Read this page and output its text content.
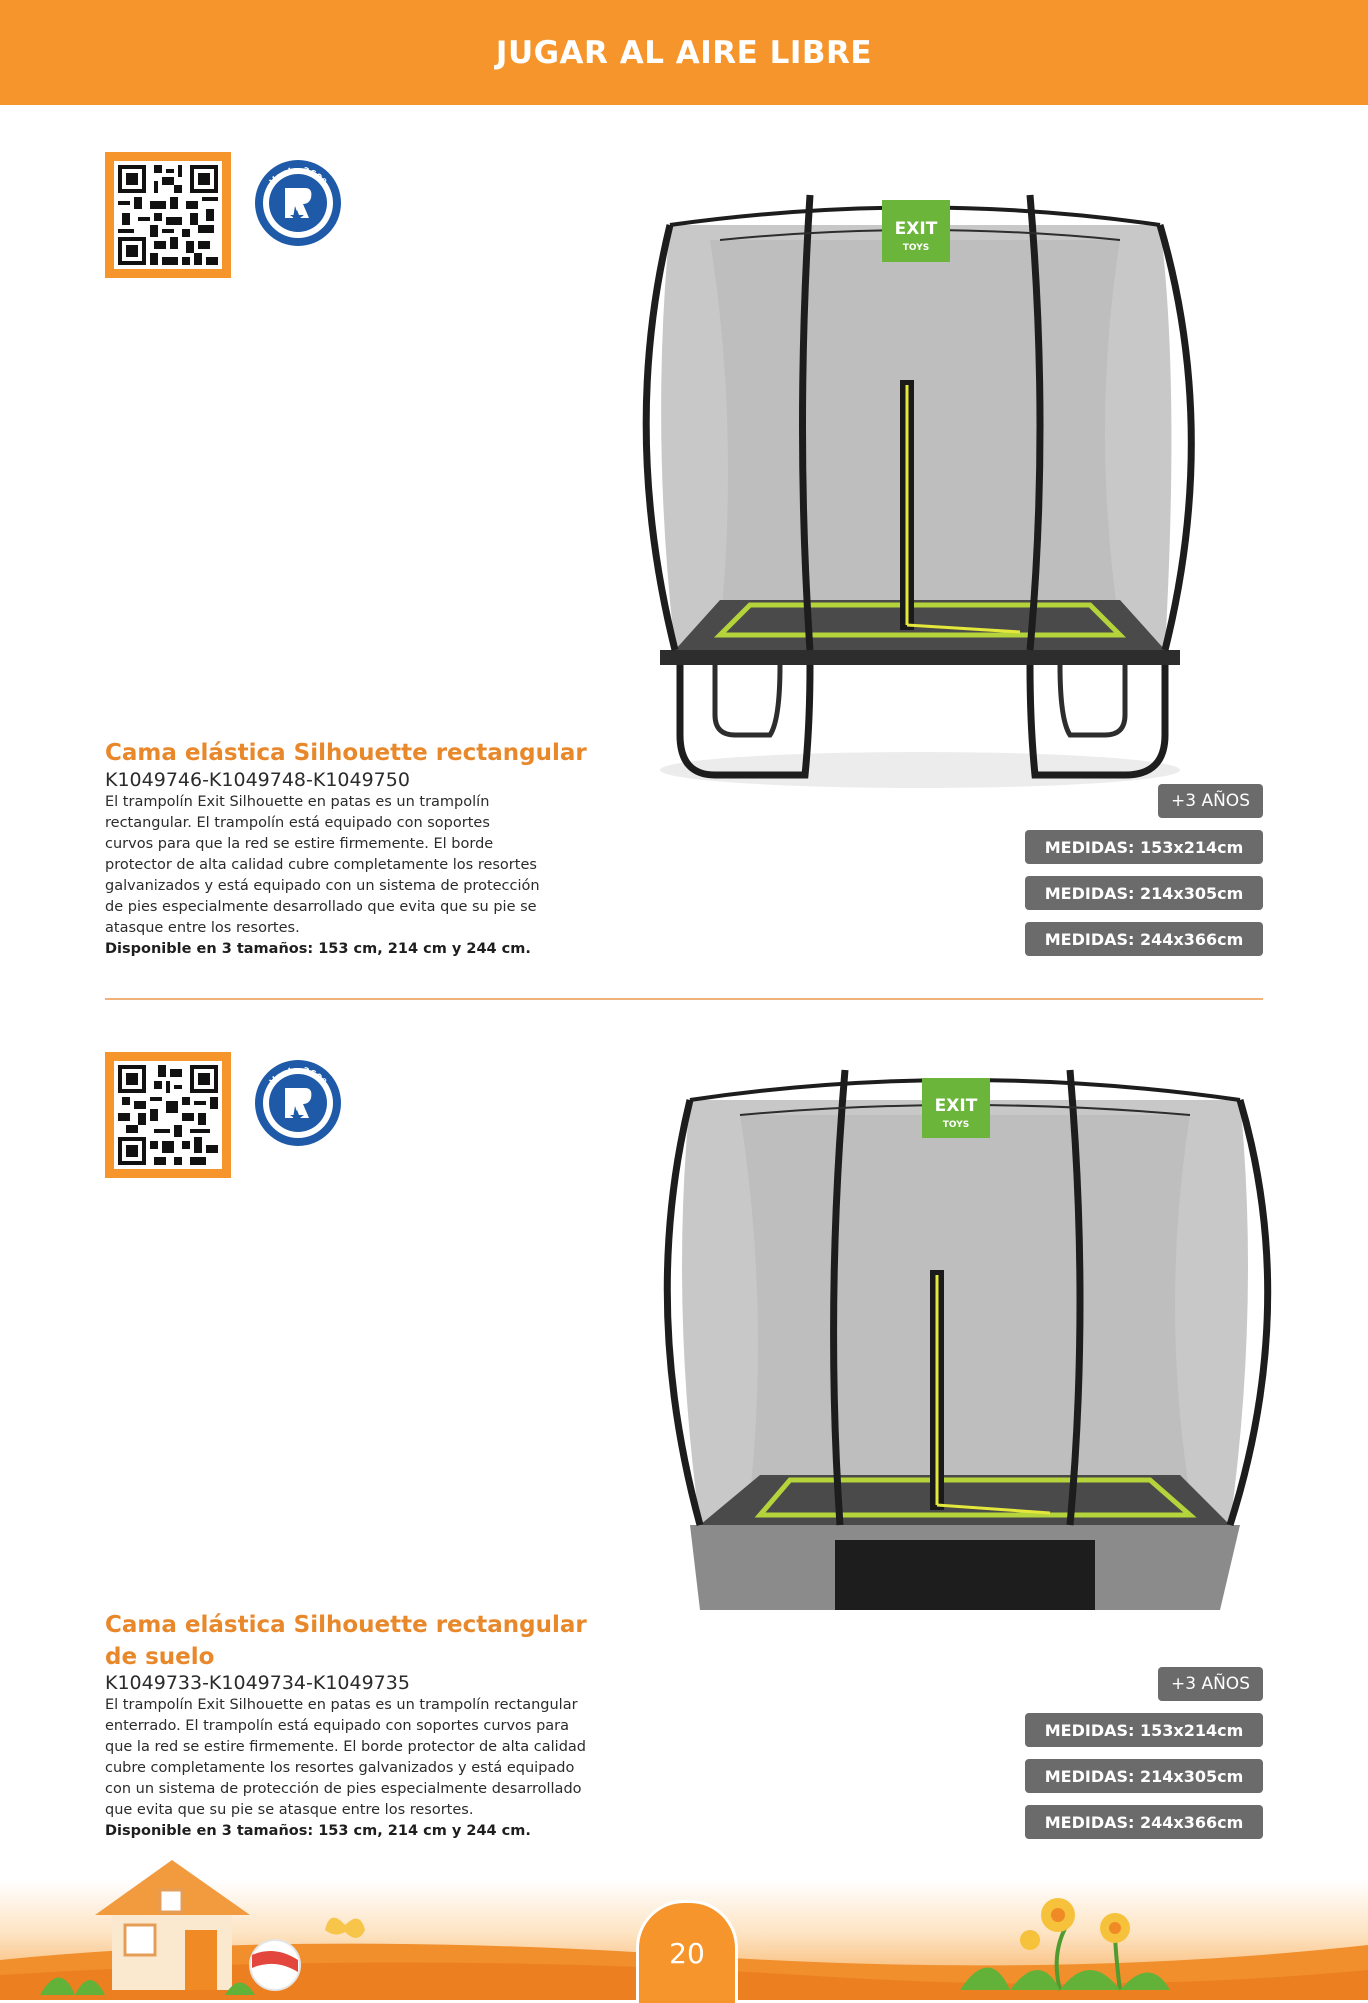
JUGAR AL AIRE LIBRE
Venta 360º
EXIT
TOYS
Cama elástica Silhouette rectangular
K1049746-K1049748-K1049750
El trampolín Exit Silhouette en patas es un trampolín
rectangular. El trampolín está equipado con soportes
curvos para que la red se estire firmemente. El borde
protector de alta calidad cubre completamente los resortes
galvanizados y está equipado con un sistema de protección
de pies especialmente desarrollado que evita que su pie se
atasque entre los resortes.
Disponible en 3 tamaños: 153 cm, 214 cm y 244 cm.
+3 AÑOS
MEDIDAS: 153x214cm
MEDIDAS: 214x305cm
MEDIDAS: 244x366cm
Venta 360º
EXIT
TOYS
Cama elástica Silhouette rectangular
de suelo
K1049733-K1049734-K1049735
El trampolín Exit Silhouette en patas es un trampolín rectangular
enterrado. El trampolín está equipado con soportes curvos para
que la red se estire firmemente. El borde protector de alta calidad
cubre completamente los resortes galvanizados y está equipado
con un sistema de protección de pies especialmente desarrollado
que evita que su pie se atasque entre los resortes.
Disponible en 3 tamaños: 153 cm, 214 cm y 244 cm.
+3 AÑOS
MEDIDAS: 153x214cm
MEDIDAS: 214x305cm
MEDIDAS: 244x366cm
20
